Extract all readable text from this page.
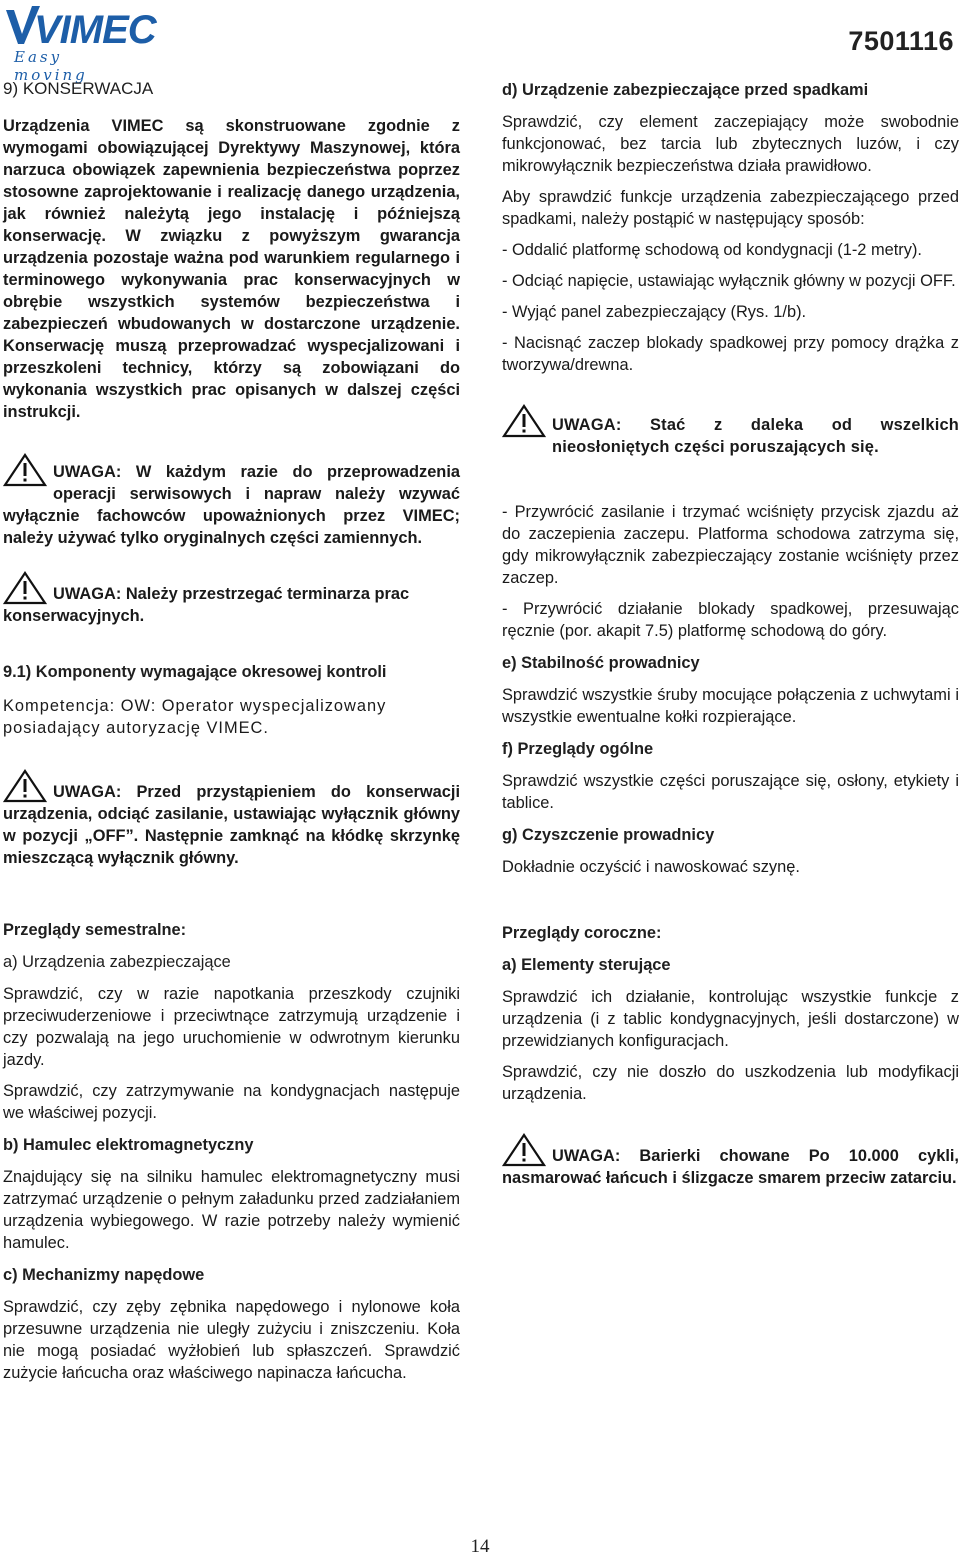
VIMEC
Easy moving
7501116
9) KONSERWACJA

Urządzenia VIMEC są skonstruowane zgodnie z wymogami obowiązującej Dyrektywy Maszynowej, która narzuca obowiązek zapewnienia bezpieczeństwa poprzez stosowne zaprojektowanie i realizację danego urządzenia, jak również należytą jego instalację i późniejszą konserwację. W związku z powyższym gwarancja urządzenia pozostaje ważna pod warunkiem regularnego i terminowego wykonywania prac konserwacyjnych w obrębie wszystkich systemów bezpieczeństwa i zabezpieczeń wbudowanych w dostarczone urządzenie. Konserwację muszą przeprowadzać wyspecjalizowani i przeszkoleni technicy, którzy są zobowiązani do wykonania wszystkich prac opisanych w dalszej części instrukcji.

UWAGA: W każdym razie do przeprowadzenia operacji serwisowych i napraw należy wzywać wyłącznie fachowców upoważnionych przez VIMEC; należy używać tylko oryginalnych części zamiennych.

UWAGA: Należy przestrzegać terminarza prac konserwacyjnych.

9.1) Komponenty wymagające okresowej kontroli

Kompetencja: OW: Operator wyspecjalizowany posiadający autoryzację VIMEC.

UWAGA: Przed przystąpieniem do konserwacji urządzenia, odciąć zasilanie, ustawiając wyłącznik główny w pozycji „OFF”. Następnie zamknąć na kłódkę skrzynkę mieszczącą wyłącznik główny.

Przeglądy semestralne:
a) Urządzenia zabezpieczające

Sprawdzić, czy w razie napotkania przeszkody czujniki przeciwuderzeniowe i przeciwtnące zatrzymują urządzenie i czy pozwalają na jego uruchomienie w odwrotnym kierunku jazdy.

Sprawdzić, czy zatrzymywanie na kondygnacjach następuje we właściwej pozycji.

b) Hamulec elektromagnetyczny

Znajdujący się na silniku hamulec elektromagnetyczny musi zatrzymać urządzenie o pełnym załadunku przed zadziałaniem urządzenia wybiegowego. W razie potrzeby należy wymienić hamulec.

c) Mechanizmy napędowe

Sprawdzić, czy zęby zębnika napędowego i nylonowe koła przesuwne urządzenia nie uległy zużyciu i zniszczeniu. Koła nie mogą posiadać wyżłobień lub spłaszczeń. Sprawdzić zużycie łańcucha oraz właściwego napinacza łańcucha.

d) Urządzenie zabezpieczające przed spadkami

Sprawdzić, czy element zaczepiający może swobodnie funkcjonować, bez tarcia lub zbytecznych luzów, i czy mikrowyłącznik bezpieczeństwa działa prawidłowo.

Aby sprawdzić funkcje urządzenia zabezpieczającego przed spadkami, należy postąpić w następujący sposób:

- Oddalić platformę schodową od kondygnacji (1-2 metry).

- Odciąć napięcie, ustawiając wyłącznik główny w pozycji OFF.

- Wyjąć panel zabezpieczający (Rys. 1/b).

- Nacisnąć zaczep blokady spadkowej przy pomocy drążka z tworzywa/drewna.

UWAGA: Stać z daleka od wszelkich nieosłoniętych części poruszających się.

- Przywrócić zasilanie i trzymać wciśnięty przycisk zjazdu aż do zaczepienia zaczepu. Platforma schodowa zatrzyma się, gdy mikrowyłącznik zabezpieczający zostanie wciśnięty przez zaczep.

- Przywrócić działanie blokady spadkowej, przesuwając ręcznie (por. akapit 7.5) platformę schodową do góry.

e) Stabilność prowadnicy

Sprawdzić wszystkie śruby mocujące połączenia z uchwytami i wszystkie ewentualne kołki rozpierające.

f) Przeglądy ogólne

Sprawdzić wszystkie części poruszające się, osłony, etykiety i tablice.

g) Czyszczenie prowadnicy

Dokładnie oczyścić i nawoskować szynę.

Przeglądy coroczne:
a) Elementy sterujące

Sprawdzić ich działanie, kontrolując wszystkie funkcje z urządzenia (i z tablic kondygnacyjnych, jeśli dostarczone) w przewidzianych konfiguracjach.

Sprawdzić, czy nie doszło do uszkodzenia lub modyfikacji urządzenia.

UWAGA: Barierki chowane Po 10.000 cykli, nasmarować łańcuch i ślizgacze smarem przeciw zatarciu.

14
